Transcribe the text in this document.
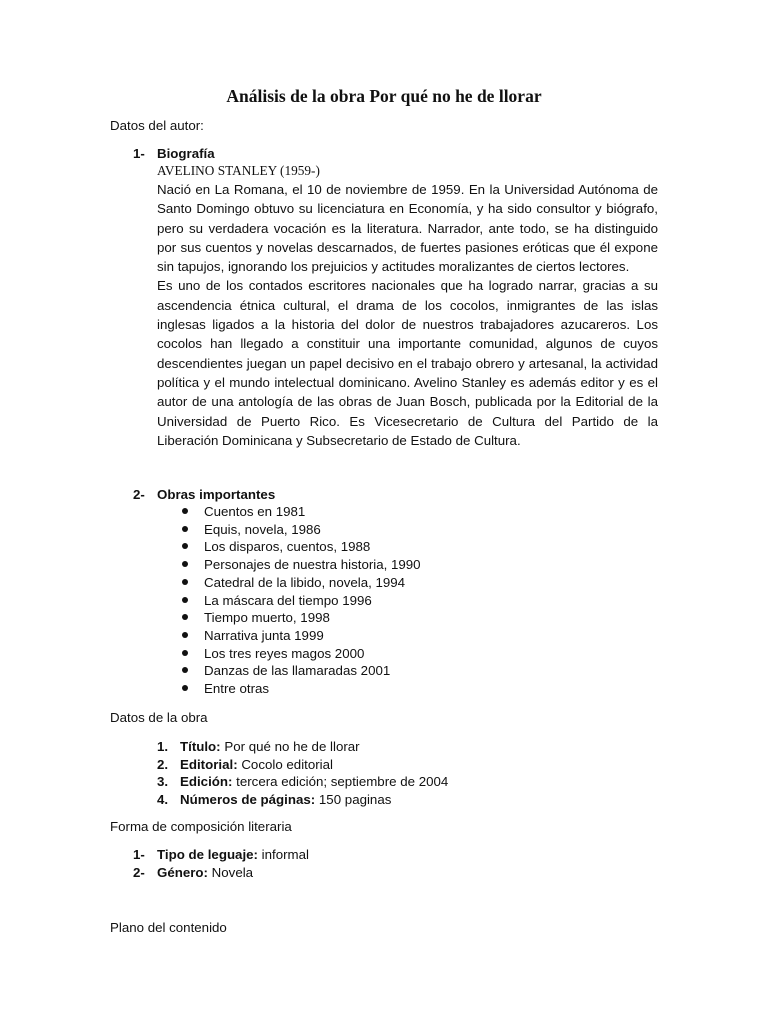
Análisis de la obra Por qué no he de llorar

Datos del autor:

1- Biografía
AVELINO STANLEY (1959-)

Nació en La Romana, el 10 de noviembre de 1959. En la Universidad Autónoma de Santo Domingo obtuvo su licenciatura en Economía, y ha sido consultor y biógrafo, pero su verdadera vocación es la literatura. Narrador, ante todo, se ha distinguido por sus cuentos y novelas descarnados, de fuertes pasiones eróticas que él expone sin tapujos, ignorando los prejuicios y actitudes moralizantes de ciertos lectores.

Es uno de los contados escritores nacionales que ha logrado narrar, gracias a su ascendencia étnica cultural, el drama de los cocolos, inmigrantes de las islas inglesas ligados a la historia del dolor de nuestros trabajadores azucareros. Los cocolos han llegado a constituir una importante comunidad, algunos de cuyos descendientes juegan un papel decisivo en el trabajo obrero y artesanal, la actividad política y el mundo intelectual dominicano. Avelino Stanley es además editor y es el autor de una antología de las obras de Juan Bosch, publicada por la Editorial de la Universidad de Puerto Rico. Es Vicesecretario de Cultura del Partido de la Liberación Dominicana y Subsecretario de Estado de Cultura.

2- Obras importantes
Cuentos en 1981
Equis, novela, 1986
Los disparos, cuentos, 1988
Personajes de nuestra historia, 1990
Catedral de la libido, novela, 1994
La máscara del tiempo 1996
Tiempo muerto, 1998
Narrativa junta 1999
Los tres reyes magos 2000
Danzas de las llamaradas 2001
Entre otras

Datos de la obra

1. Título: Por qué no he de llorar
2. Editorial: Cocolo editorial
3. Edición: tercera edición; septiembre de 2004
4. Números de páginas: 150 paginas

Forma de composición literaria

1- Tipo de leguaje: informal
2- Género: Novela

Plano del contenido
